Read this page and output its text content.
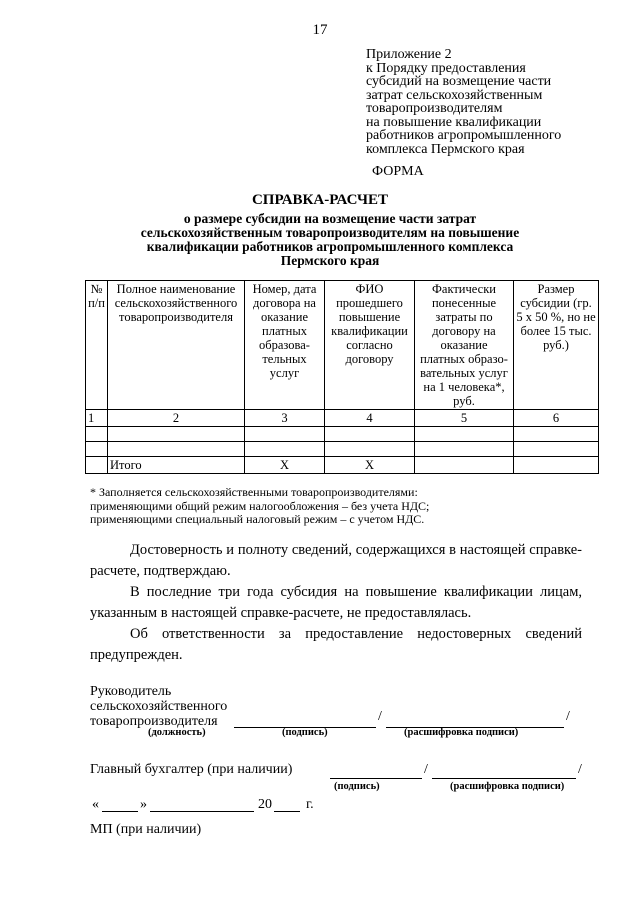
17
Приложение 2
к Порядку предоставления
субсидий на возмещение части
затрат сельскохозяйственным
товаропроизводителям
на повышение квалификации
работников агропромышленного
комплекса Пермского края
ФОРМА
СПРАВКА-РАСЧЕТ
о размере субсидии на возмещение части затрат
сельскохозяйственным товаропроизводителям на повышение
квалификации работников агропромышленного комплекса
Пермского края
№ п/п	Полное наименование сельскохозяйственного товаропроизводителя	Номер, дата договора на оказание платных образова-тельных услуг	ФИО прошедшего повышение квалификации согласно договору	Фактически понесенные затраты по договору на оказание платных образо-вательных услуг на 1 человека*, руб.	Размер субсидии (гр. 5 х 50 %, но не более 15 тыс. руб.)
1	2	3	4	5	6

	Итого	Х	Х		
* Заполняется сельскохозяйственными товаропроизводителями:
применяющими общий режим налогообложения – без учета НДС;
применяющими специальный налоговый режим – с учетом НДС.
Достоверность и полноту сведений, содержащихся в настоящей справке-расчете, подтверждаю.
В последние три года субсидия на повышение квалификации лицам, указанным в настоящей справке-расчете, не предоставлялась.
Об ответственности за предоставление недостоверных сведений предупрежден.
Руководитель
сельскохозяйственного
товаропроизводителя	/	/
(должность)	(подпись)	(расшифровка подписи)
Главный бухгалтер (при наличии)	/	/
(подпись)	(расшифровка подписи)
«	»	20 г.
МП (при наличии)
